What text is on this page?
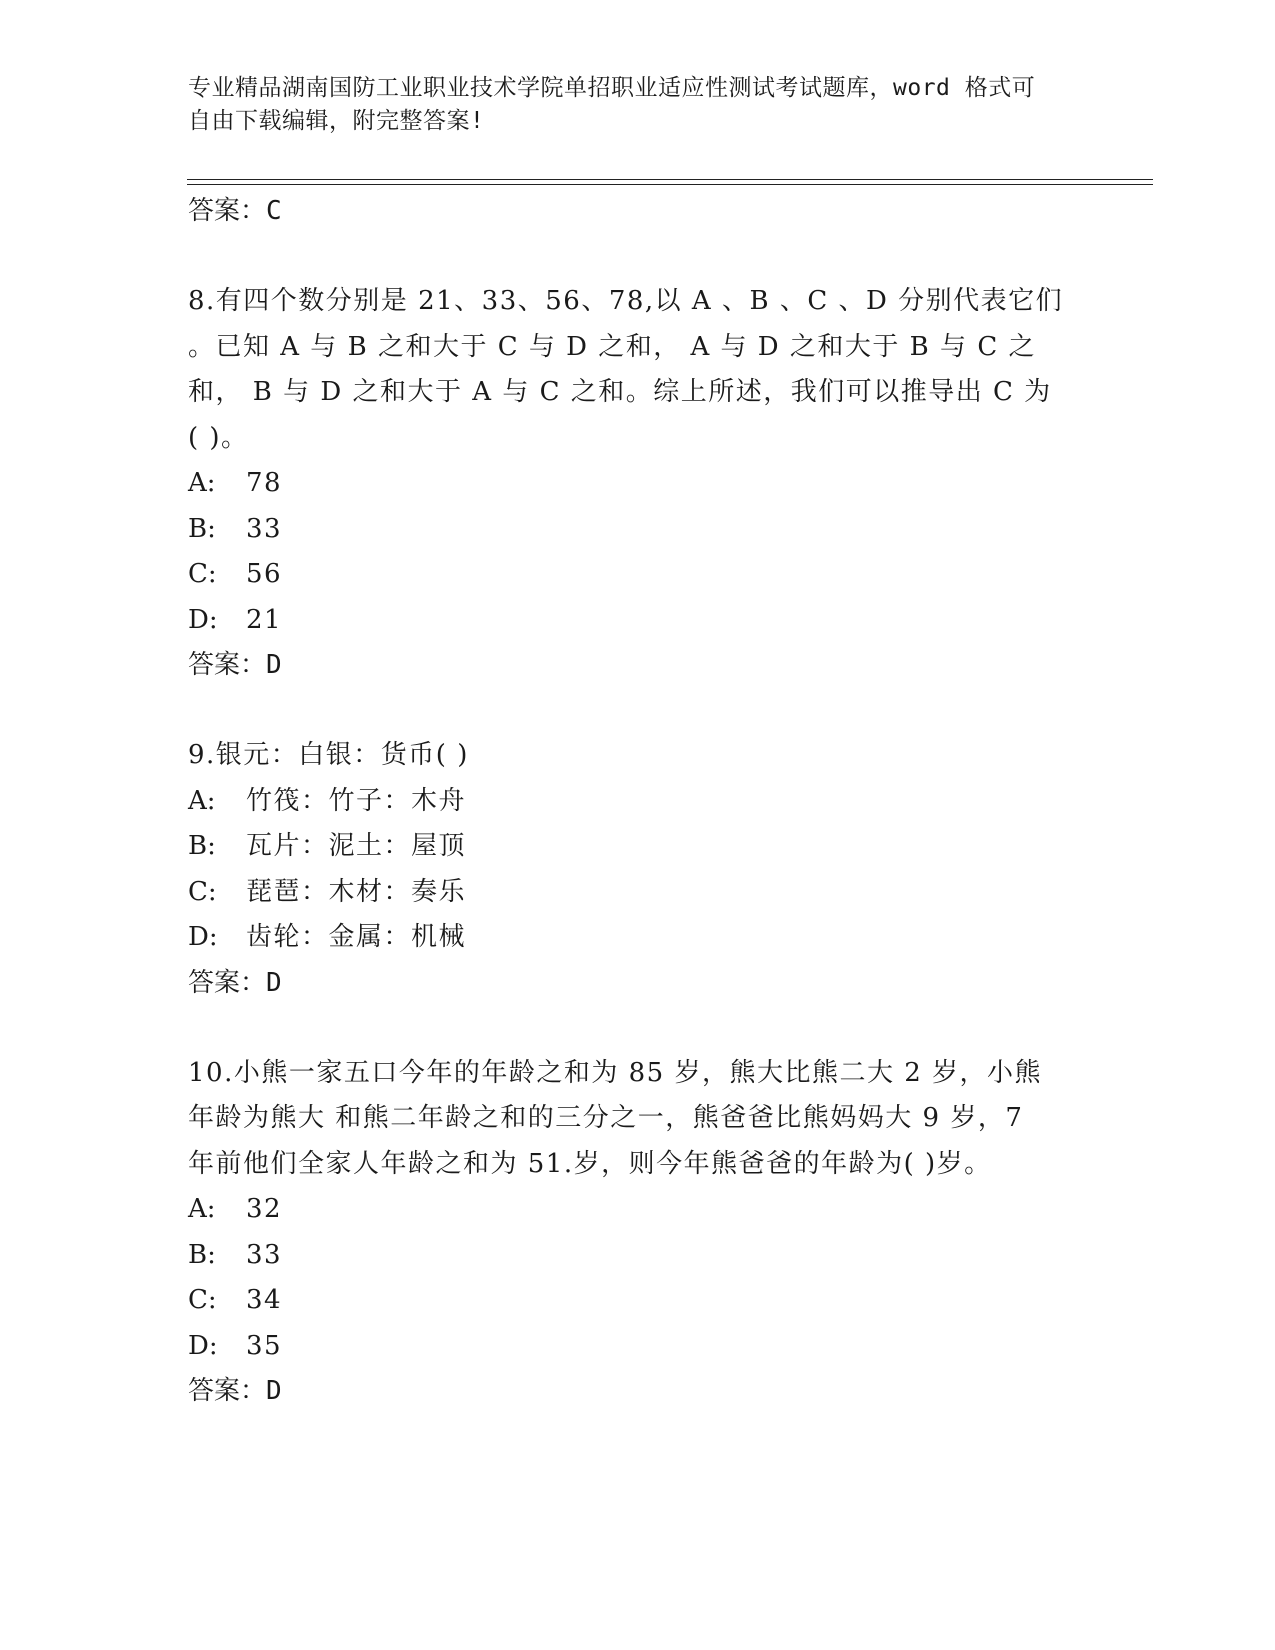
专业精品湖南国防工业职业技术学院单招职业适应性测试考试题库，word 格式可
自由下载编辑，附完整答案!

答案：C

8.有四个数分别是 21、33、56、78,以 A 、B 、C 、D 分别代表它们

。已知 A 与 B 之和大于 C 与 D 之和， A 与 D 之和大于 B 与 C 之

和， B 与 D 之和大于 A 与 C 之和。综上所述，我们可以推导出 C 为

( )。

A:	78
B:	33
C:	56
D:	21

答案：D

9.银元：白银：货币( )

A:	竹筏：竹子：木舟
B:	瓦片：泥土：屋顶
C:	琵琶：木材：奏乐
D:	齿轮：金属：机械

答案：D

10.小熊一家五口今年的年龄之和为 85 岁，熊大比熊二大 2 岁，小熊

年龄为熊大 和熊二年龄之和的三分之一，熊爸爸比熊妈妈大 9 岁，7

年前他们全家人年龄之和为 51.岁，则今年熊爸爸的年龄为( )岁。

A:	32
B:	33
C:	34
D:	35

答案：D
